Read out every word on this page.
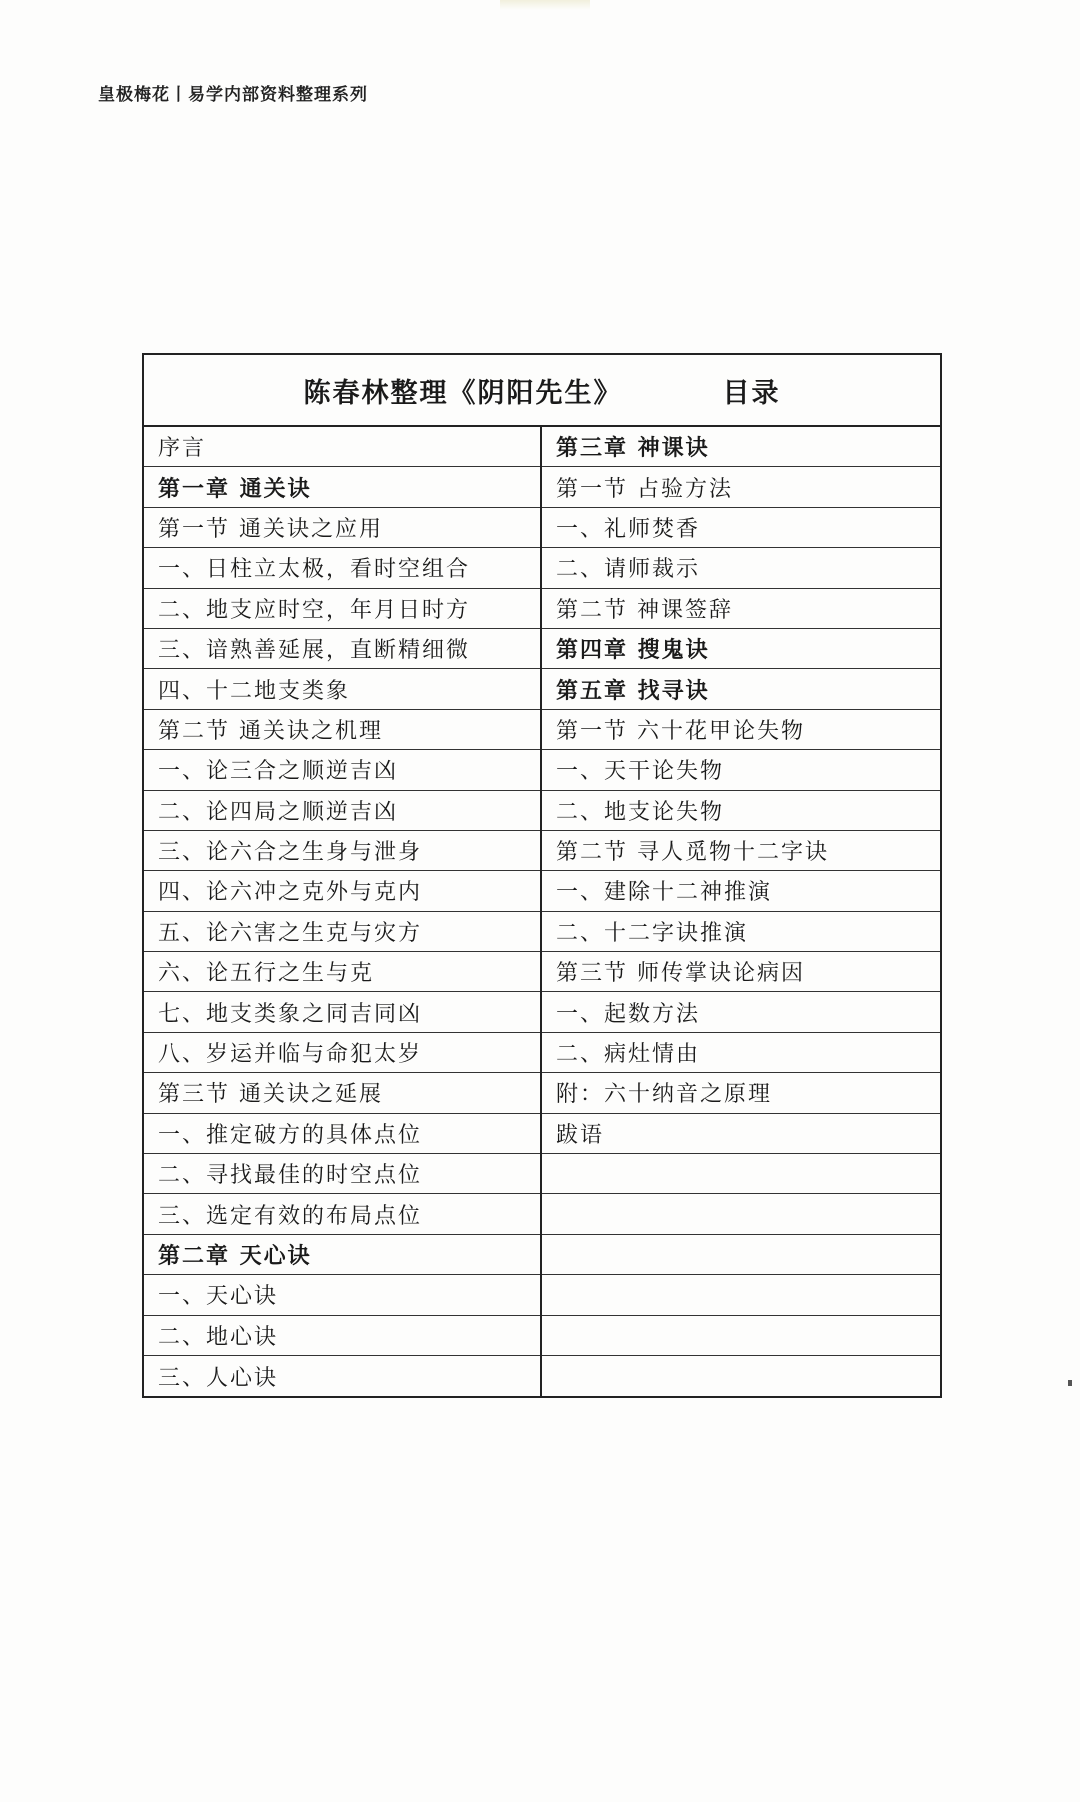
皇极梅花丨易学内部资料整理系列
陈春林整理《阴阳先生》	目录
序言
第一章 通关诀
第一节 通关诀之应用
一、日柱立太极，看时空组合
二、地支应时空，年月日时方
三、谙熟善延展，直断精细微
四、十二地支类象
第二节 通关诀之机理
一、论三合之顺逆吉凶
二、论四局之顺逆吉凶
三、论六合之生身与泄身
四、论六冲之克外与克内
五、论六害之生克与灾方
六、论五行之生与克
七、地支类象之同吉同凶
八、岁运并临与命犯太岁
第三节 通关诀之延展
一、推定破方的具体点位
二、寻找最佳的时空点位
三、选定有效的布局点位
第二章 天心诀
一、天心诀
二、地心诀
三、人心诀
第三章 神课诀
第一节 占验方法
一、礼师焚香
二、请师裁示
第二节 神课签辞
第四章 搜鬼诀
第五章 找寻诀
第一节 六十花甲论失物
一、天干论失物
二、地支论失物
第二节 寻人觅物十二字诀
一、建除十二神推演
二、十二字诀推演
第三节 师传掌诀论病因
一、起数方法
二、病灶情由
附：六十纳音之原理
跋语
